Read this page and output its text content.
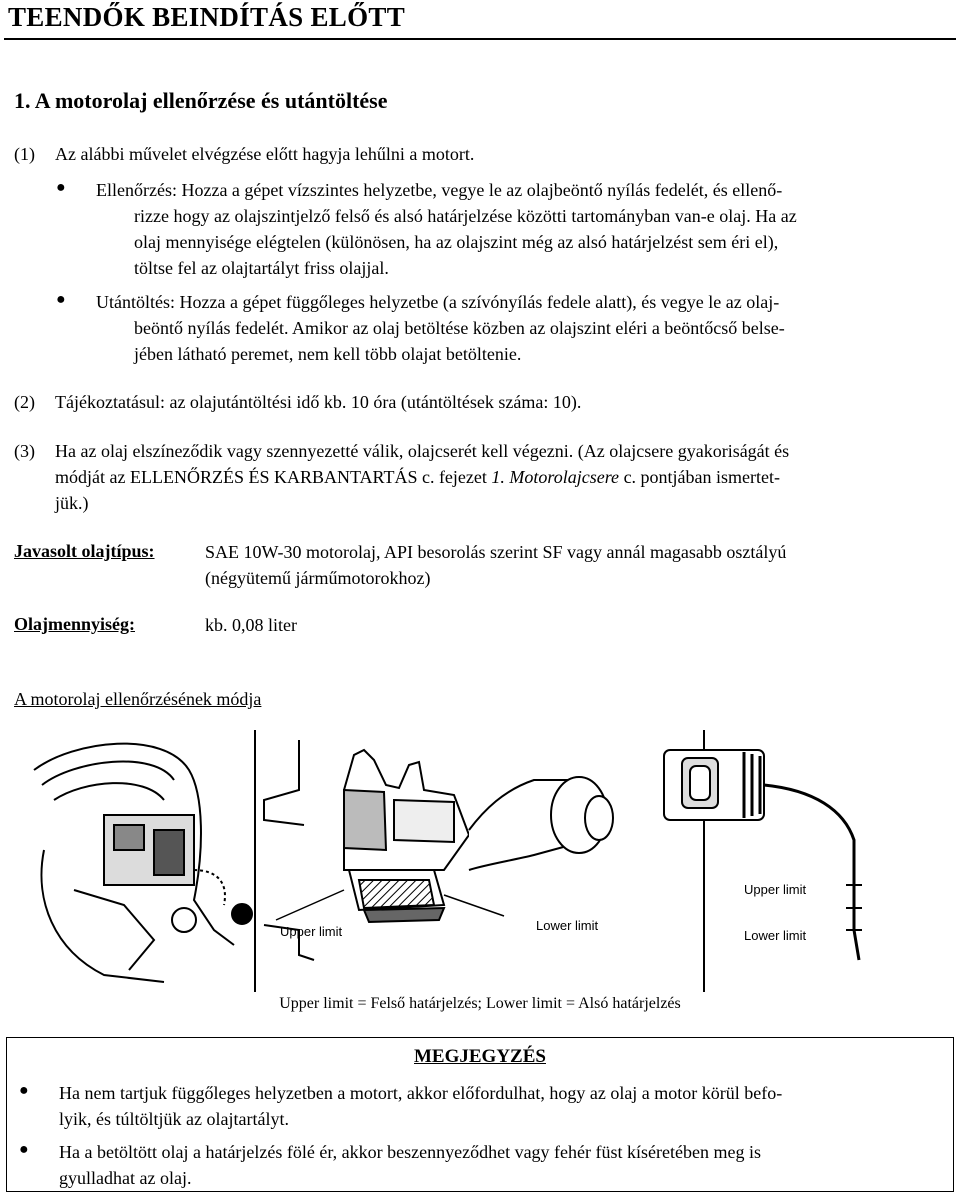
TEENDŐK BEINDÍTÁS ELŐTT
1. A motorolaj ellenőrzése és utántöltése
(1) Az alábbi művelet elvégzése előtt hagyja lehűlni a motort.
● Ellenőrzés: Hozza a gépet vízszintes helyzetbe, vegye le az olajbeöntő nyílás fedelét, és ellenő-
rizze hogy az olajszintjelző felső és alsó határjelzése közötti tartományban van-e olaj. Ha az
olaj mennyisége elégtelen (különösen, ha az olajszint még az alsó határjelzést sem éri el),
töltse fel az olajtartályt friss olajjal.
● Utántöltés: Hozza a gépet függőleges helyzetbe (a szívónyílás fedele alatt), és vegye le az olaj-
beöntő nyílás fedelét. Amikor az olaj betöltése közben az olajszint eléri a beöntőcső belse-
jében látható peremet, nem kell több olajat betöltenie.
(2) Tájékoztatásul: az olajutántöltési idő kb. 10 óra (utántöltések száma: 10).
(3) Ha az olaj elszíneződik vagy szennyezetté válik, olajcserét kell végezni. (Az olajcsere gyakoriságát és
módját az ELLENŐRZÉS ÉS KARBANTARTÁS c. fejezet 1. Motorolajcsere c. pontjában ismertet-
jük.)
Javasolt olajtípus:	SAE 10W-30 motorolaj, API besorolás szerint SF vagy annál magasabb osztályú
(négyütemű járműmotorokhoz)
Olajmennyiség:	kb. 0,08 liter
A motorolaj ellenőrzésének módja
Upper limit	Lower limit
Upper limit
Lower limit
Upper limit = Felső határjelzés; Lower limit = Alsó határjelzés
MEGJEGYZÉS
● Ha nem tartjuk függőleges helyzetben a motort, akkor előfordulhat, hogy az olaj a motor körül befo-
lyik, és túltöltjük az olajtartályt.
● Ha a betöltött olaj a határjelzés fölé ér, akkor beszennyeződhet vagy fehér füst kíséretében meg is
gyulladhat az olaj.
